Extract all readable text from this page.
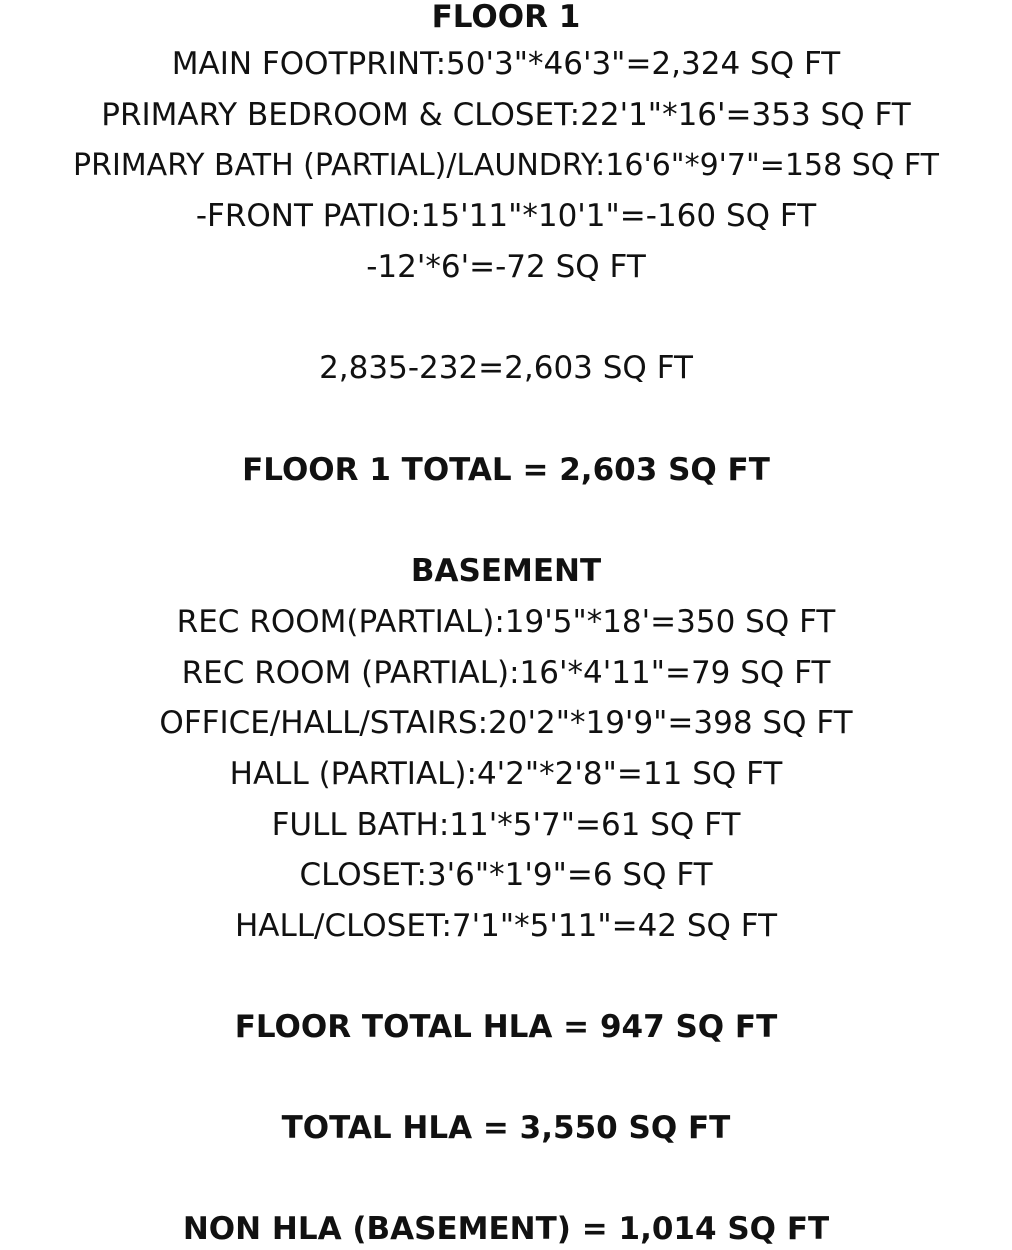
FLOOR 1
MAIN FOOTPRINT:50'3"*46'3"=2,324 SQ FT
PRIMARY BEDROOM & CLOSET:22'1"*16'=353 SQ FT
PRIMARY BATH (PARTIAL)/LAUNDRY:16'6"*9'7"=158 SQ FT
-FRONT PATIO:15'11"*10'1"=-160 SQ FT
-12'*6'=-72 SQ FT
2,835-232=2,603 SQ FT
FLOOR 1 TOTAL = 2,603 SQ FT
BASEMENT
REC ROOM(PARTIAL):19'5"*18'=350 SQ FT
REC ROOM (PARTIAL):16'*4'11"=79 SQ FT
OFFICE/HALL/STAIRS:20'2"*19'9"=398 SQ FT
HALL (PARTIAL):4'2"*2'8"=11 SQ FT
FULL BATH:11'*5'7"=61 SQ FT
CLOSET:3'6"*1'9"=6 SQ FT
HALL/CLOSET:7'1"*5'11"=42 SQ FT
FLOOR TOTAL HLA = 947 SQ FT
TOTAL HLA = 3,550 SQ FT
NON HLA (BASEMENT) = 1,014 SQ FT
